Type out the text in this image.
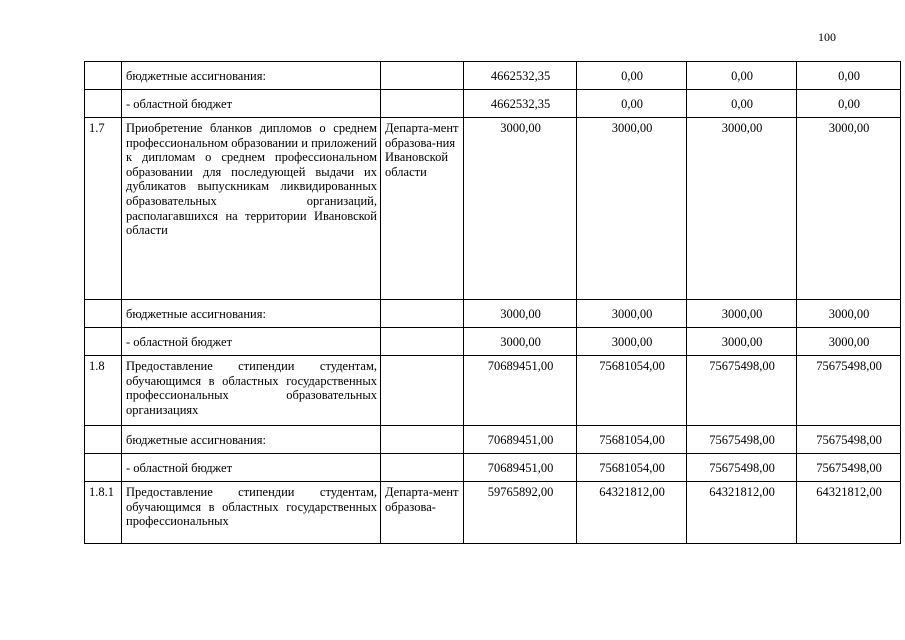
100
	бюджетные ассигнования:		4662532,35	0,00	0,00	0,00
	- областной бюджет		4662532,35	0,00	0,00	0,00
1.7	Приобретение бланков дипломов о среднем профессиональном образовании и приложений к дипломам о среднем профессиональном образовании для последующей выдачи их дубликатов выпускникам ликвидированных образовательных организаций, располагавшихся на территории Ивановской области	Департа-мент образова-ния Ивановской области	3000,00	3000,00	3000,00	3000,00
	бюджетные ассигнования:		3000,00	3000,00	3000,00	3000,00
	- областной бюджет		3000,00	3000,00	3000,00	3000,00
1.8	Предоставление стипендии студентам, обучающимся в областных государственных профессиональных образовательных организациях		70689451,00	75681054,00	75675498,00	75675498,00
	бюджетные ассигнования:		70689451,00	75681054,00	75675498,00	75675498,00
	- областной бюджет		70689451,00	75681054,00	75675498,00	75675498,00
1.8.1	Предоставление стипендии студентам, обучающимся в областных государственных профессиональных	Департа-мент образова-	59765892,00	64321812,00	64321812,00	64321812,00
